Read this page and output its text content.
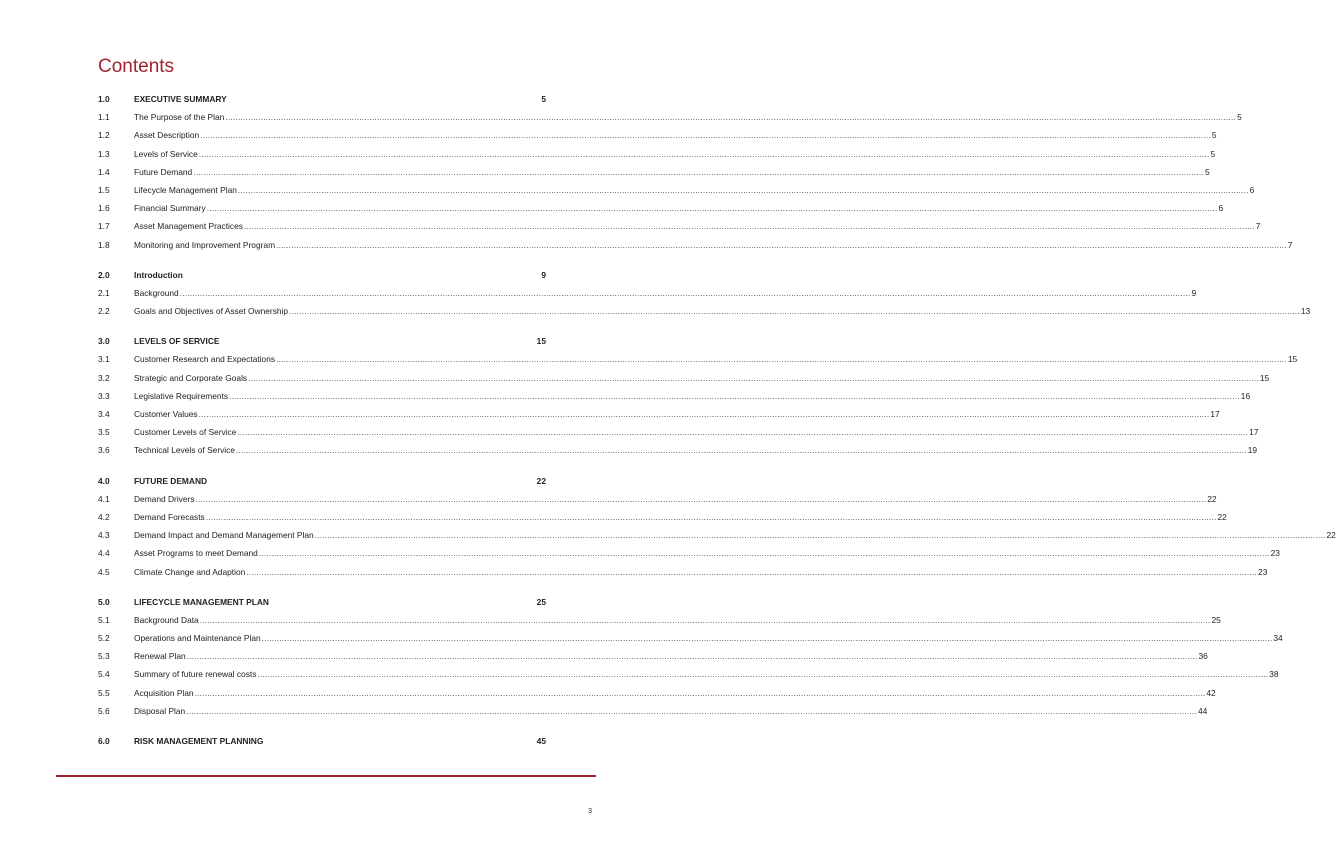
Contents
1.0	EXECUTIVE SUMMARY	5
1.1	The Purpose of the Plan ................................................................................................................................................................................................................................................................................................................................................................................................................ 5
1.2	Asset Description ................................................................................................................................................................................................................................................................................................................................................................................................................ 5
1.3	Levels of Service ................................................................................................................................................................................................................................................................................................................................................................................................................ 5
1.4	Future Demand ................................................................................................................................................................................................................................................................................................................................................................................................................ 5
1.5	Lifecycle Management Plan ................................................................................................................................................................................................................................................................................................................................................................................................................ 6
1.6	Financial Summary ................................................................................................................................................................................................................................................................................................................................................................................................................ 6
1.7	Asset Management Practices ................................................................................................................................................................................................................................................................................................................................................................................................................ 7
1.8	Monitoring and Improvement Program ................................................................................................................................................................................................................................................................................................................................................................................................................ 7
2.0	Introduction	9
2.1	Background ................................................................................................................................................................................................................................................................................................................................................................................................................ 9
2.2	Goals and Objectives of Asset Ownership ................................................................................................................................................................................................................................................................................................................................................................................................................ 13
3.0	LEVELS OF SERVICE	15
3.1	Customer Research and Expectations ................................................................................................................................................................................................................................................................................................................................................................................................................ 15
3.2	Strategic and Corporate Goals ................................................................................................................................................................................................................................................................................................................................................................................................................ 15
3.3	Legislative Requirements ................................................................................................................................................................................................................................................................................................................................................................................................................ 16
3.4	Customer Values ................................................................................................................................................................................................................................................................................................................................................................................................................ 17
3.5	Customer Levels of Service ................................................................................................................................................................................................................................................................................................................................................................................................................ 17
3.6	Technical Levels of Service ................................................................................................................................................................................................................................................................................................................................................................................................................ 19
4.0	FUTURE DEMAND	22
4.1	Demand Drivers ................................................................................................................................................................................................................................................................................................................................................................................................................ 22
4.2	Demand Forecasts ................................................................................................................................................................................................................................................................................................................................................................................................................ 22
4.3	Demand Impact and Demand Management Plan ................................................................................................................................................................................................................................................................................................................................................................................................................ 22
4.4	Asset Programs to meet Demand ................................................................................................................................................................................................................................................................................................................................................................................................................ 23
4.5	Climate Change and Adaption ................................................................................................................................................................................................................................................................................................................................................................................................................ 23
5.0	LIFECYCLE MANAGEMENT PLAN	25
5.1	Background Data ................................................................................................................................................................................................................................................................................................................................................................................................................ 25
5.2	Operations and Maintenance Plan ................................................................................................................................................................................................................................................................................................................................................................................................................ 34
5.3	Renewal Plan ................................................................................................................................................................................................................................................................................................................................................................................................................ 36
5.4	Summary of future renewal costs ................................................................................................................................................................................................................................................................................................................................................................................................................ 38
5.5	Acquisition Plan ................................................................................................................................................................................................................................................................................................................................................................................................................ 42
5.6	Disposal Plan ................................................................................................................................................................................................................................................................................................................................................................................................................ 44
6.0	RISK MANAGEMENT PLANNING	45
3
